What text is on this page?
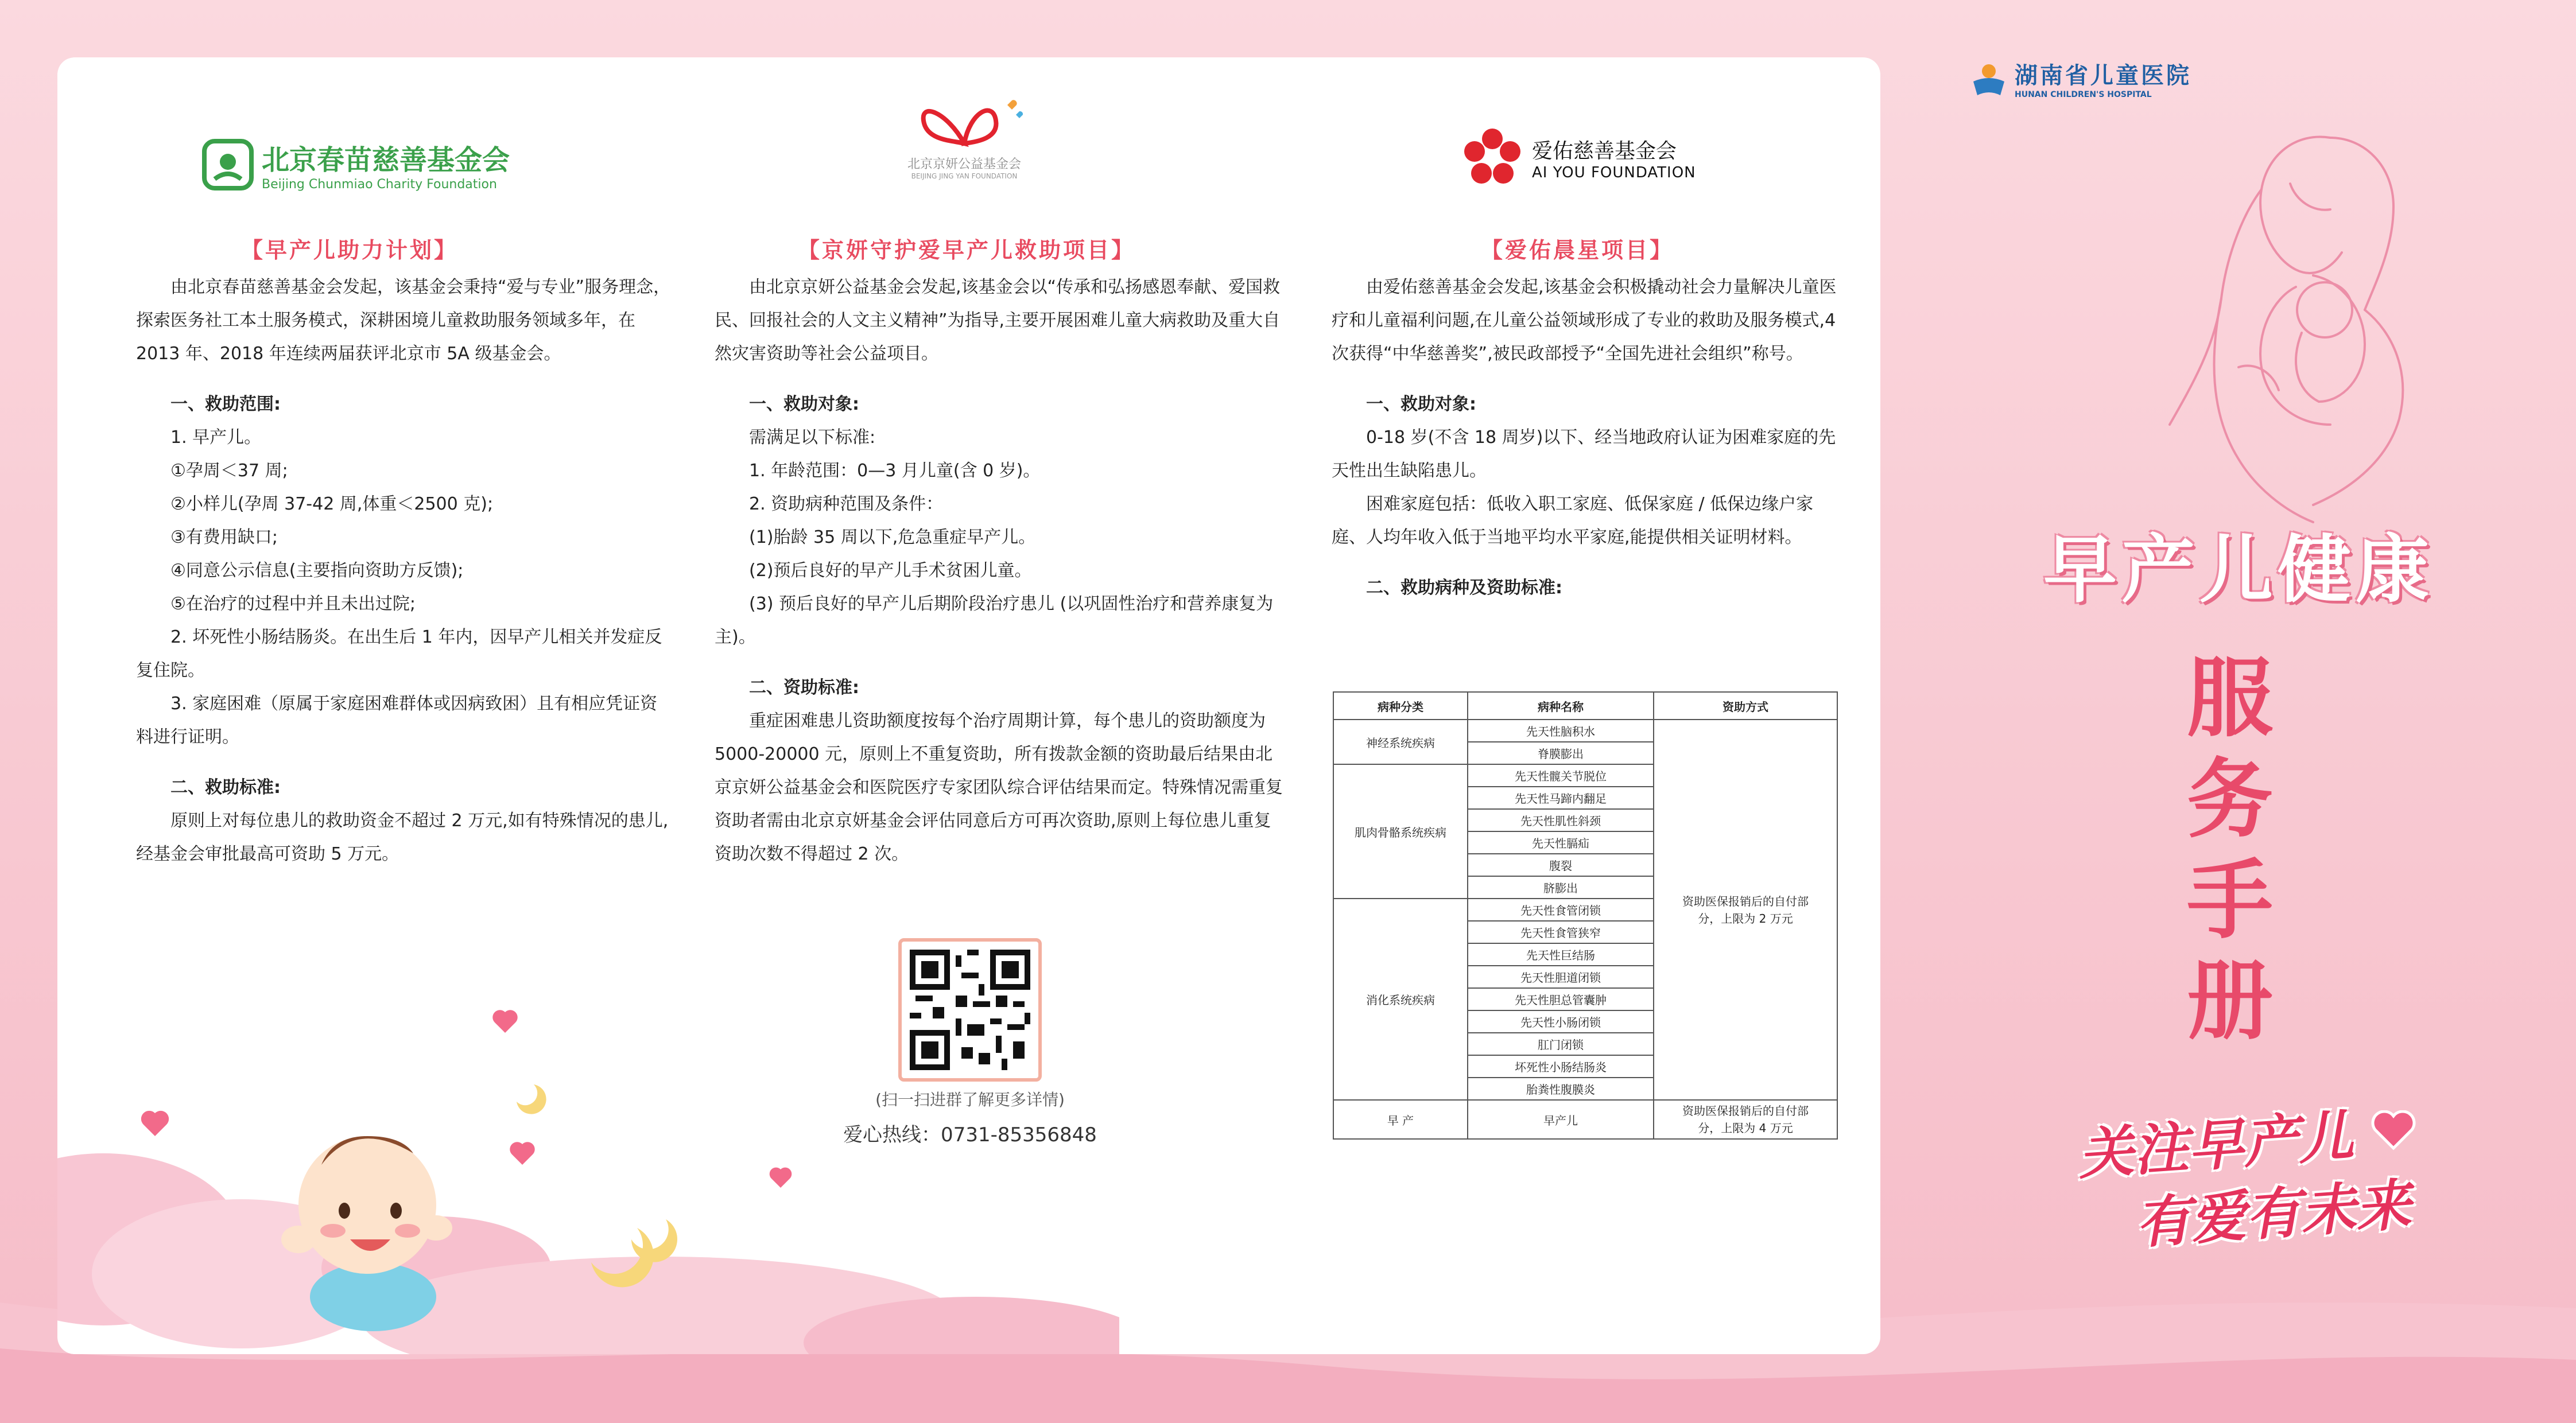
湖南省儿童医院
HUNAN CHILDREN'S HOSPITAL
早产儿健康
服
务
手
册
关注早产儿
有爱有未来
北京春苗慈善基金会
Beijing Chunmiao Charity Foundation
【早产儿助力计划】

由北京春苗慈善基金会发起，该基金会秉持“爱与专业”服务理念，探索医务社工本土服务模式，深耕困境儿童救助服务领域多年，在 2013 年、2018 年连续两届获评北京市 5A 级基金会。

一、救助范围:

1. 早产儿。

①孕周＜37 周;

②小样儿(孕周 37-42 周,体重＜2500 克);

③有费用缺口;

④同意公示信息(主要指向资助方反馈);

⑤在治疗的过程中并且未出过院;

2. 坏死性小肠结肠炎。在出生后 1 年内，因早产儿相关并发症反复住院。

3. 家庭困难（原属于家庭困难群体或因病致困）且有相应凭证资料进行证明。

二、救助标准:

原则上对每位患儿的救助资金不超过 2 万元,如有特殊情况的患儿,经基金会审批最高可资助 5 万元。

北京京妍公益基金会
BEIJING JING YAN FOUNDATION
【京妍守护爱早产儿救助项目】

由北京京妍公益基金会发起,该基金会以“传承和弘扬感恩奉献、爱国救民、回报社会的人文主义精神”为指导,主要开展困难儿童大病救助及重大自然灾害资助等社会公益项目。

一、救助对象:

需满足以下标准:

1. 年龄范围：0—3 月儿童(含 0 岁)。

2. 资助病种范围及条件：

(1)胎龄 35 周以下,危急重症早产儿。

(2)预后良好的早产儿手术贫困儿童。

(3) 预后良好的早产儿后期阶段治疗患儿 (以巩固性治疗和营养康复为主)。

二、资助标准:

重症困难患儿资助额度按每个治疗周期计算，每个患儿的资助额度为 5000-20000 元，原则上不重复资助，所有拨款金额的资助最后结果由北京京妍公益基金会和医院医疗专家团队综合评估结果而定。特殊情况需重复资助者需由北京京妍基金会评估同意后方可再次资助,原则上每位患儿重复资助次数不得超过 2 次。

(扫一扫进群了解更多详情)
爱心热线：0731-85356848
爱佑慈善基金会
AI YOU FOUNDATION
【爱佑晨星项目】

由爱佑慈善基金会发起,该基金会积极撬动社会力量解决儿童医疗和儿童福利问题,在儿童公益领域形成了专业的救助及服务模式,4 次获得“中华慈善奖”,被民政部授予“全国先进社会组织”称号。

一、救助对象:

0-18 岁(不含 18 周岁)以下、经当地政府认证为困难家庭的先天性出生缺陷患儿。

困难家庭包括：低收入职工家庭、低保家庭 / 低保边缘户家庭、人均年收入低于当地平均水平家庭,能提供相关证明材料。

二、救助病种及资助标准:

病种分类	病种名称	资助方式
神经系统疾病	先天性脑积水	资助医保报销后的自付部分，上限为 2 万元
	脊膜膨出	
肌肉骨骼系统疾病	先天性髋关节脱位	
	先天性马蹄内翻足	
	先天性肌性斜颈	
	先天性膈疝	
	腹裂	
	脐膨出	
消化系统疾病	先天性食管闭锁	
	先天性食管狭窄	
	先天性巨结肠	
	先天性胆道闭锁	
	先天性胆总管囊肿	
	先天性小肠闭锁	
	肛门闭锁	
	坏死性小肠结肠炎	
	胎粪性腹膜炎	
早 产	早产儿	资助医保报销后的自付部分，上限为 4 万元
